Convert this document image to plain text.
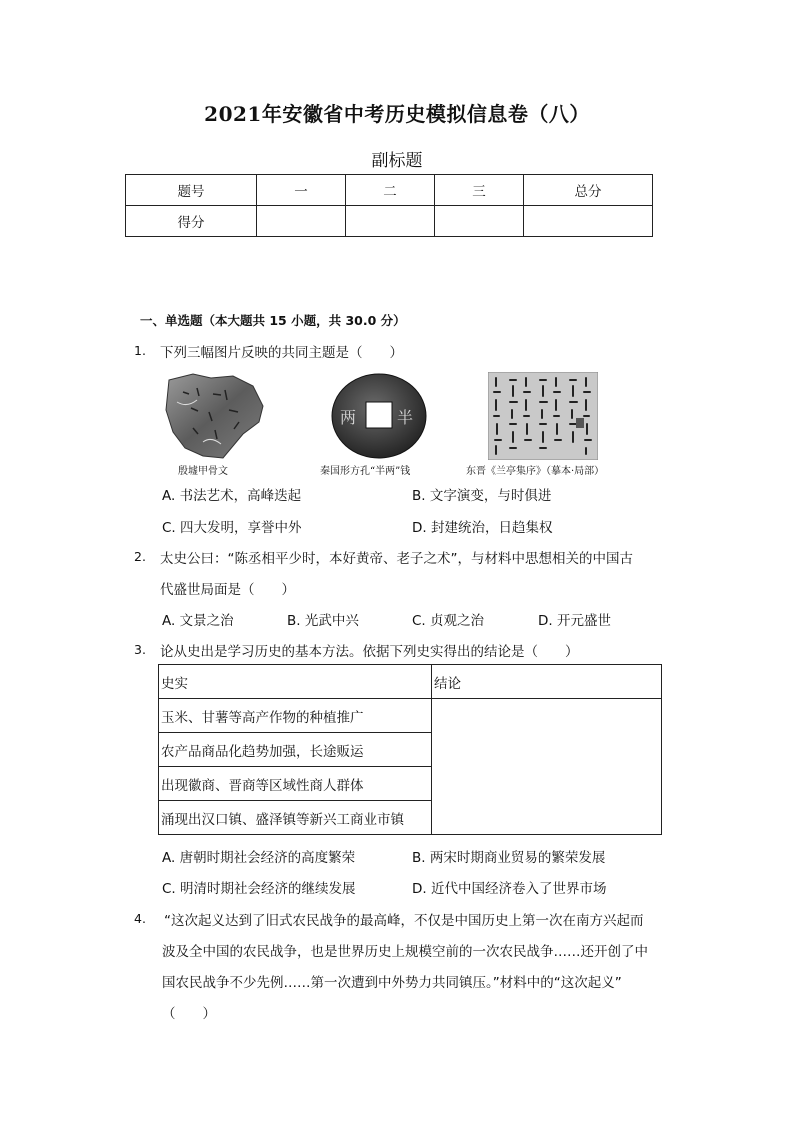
2021年安徽省中考历史模拟信息卷（八）
副标题
题号	一	二	三	总分
得分				
一、单选题（本大题共 15 小题，共 30.0 分）
1. 下列三幅图片反映的共同主题是（　　）
殷墟甲骨文
两	半
秦国形方孔“半两”钱	东晋《兰亭集序》（摹本·局部）
A. 书法艺术，高峰迭起	B. 文字演变，与时俱进
C. 四大发明，享誉中外	D. 封建统治，日趋集权
2. 太史公曰：“陈丞相平少时，本好黄帝、老子之术”，与材料中思想相关的中国古
代盛世局面是（　　）
A. 文景之治	B. 光武中兴	C. 贞观之治	D. 开元盛世
3. 论从史出是学习历史的基本方法。依据下列史实得出的结论是（　　）
史实	结论
玉米、甘薯等高产作物的种植推广	
农产品商品化趋势加强，长途贩运	
出现徽商、晋商等区域性商人群体	
涌现出汉口镇、盛泽镇等新兴工商业市镇	
A. 唐朝时期社会经济的高度繁荣	B. 两宋时期商业贸易的繁荣发展
C. 明清时期社会经济的继续发展	D. 近代中国经济卷入了世界市场
4. “这次起义达到了旧式农民战争的最高峰，不仅是中国历史上第一次在南方兴起而
波及全中国的农民战争，也是世界历史上规模空前的一次农民战争……还开创了中
国农民战争不少先例……第一次遭到中外势力共同镇压。”材料中的“这次起义”
（　　）
